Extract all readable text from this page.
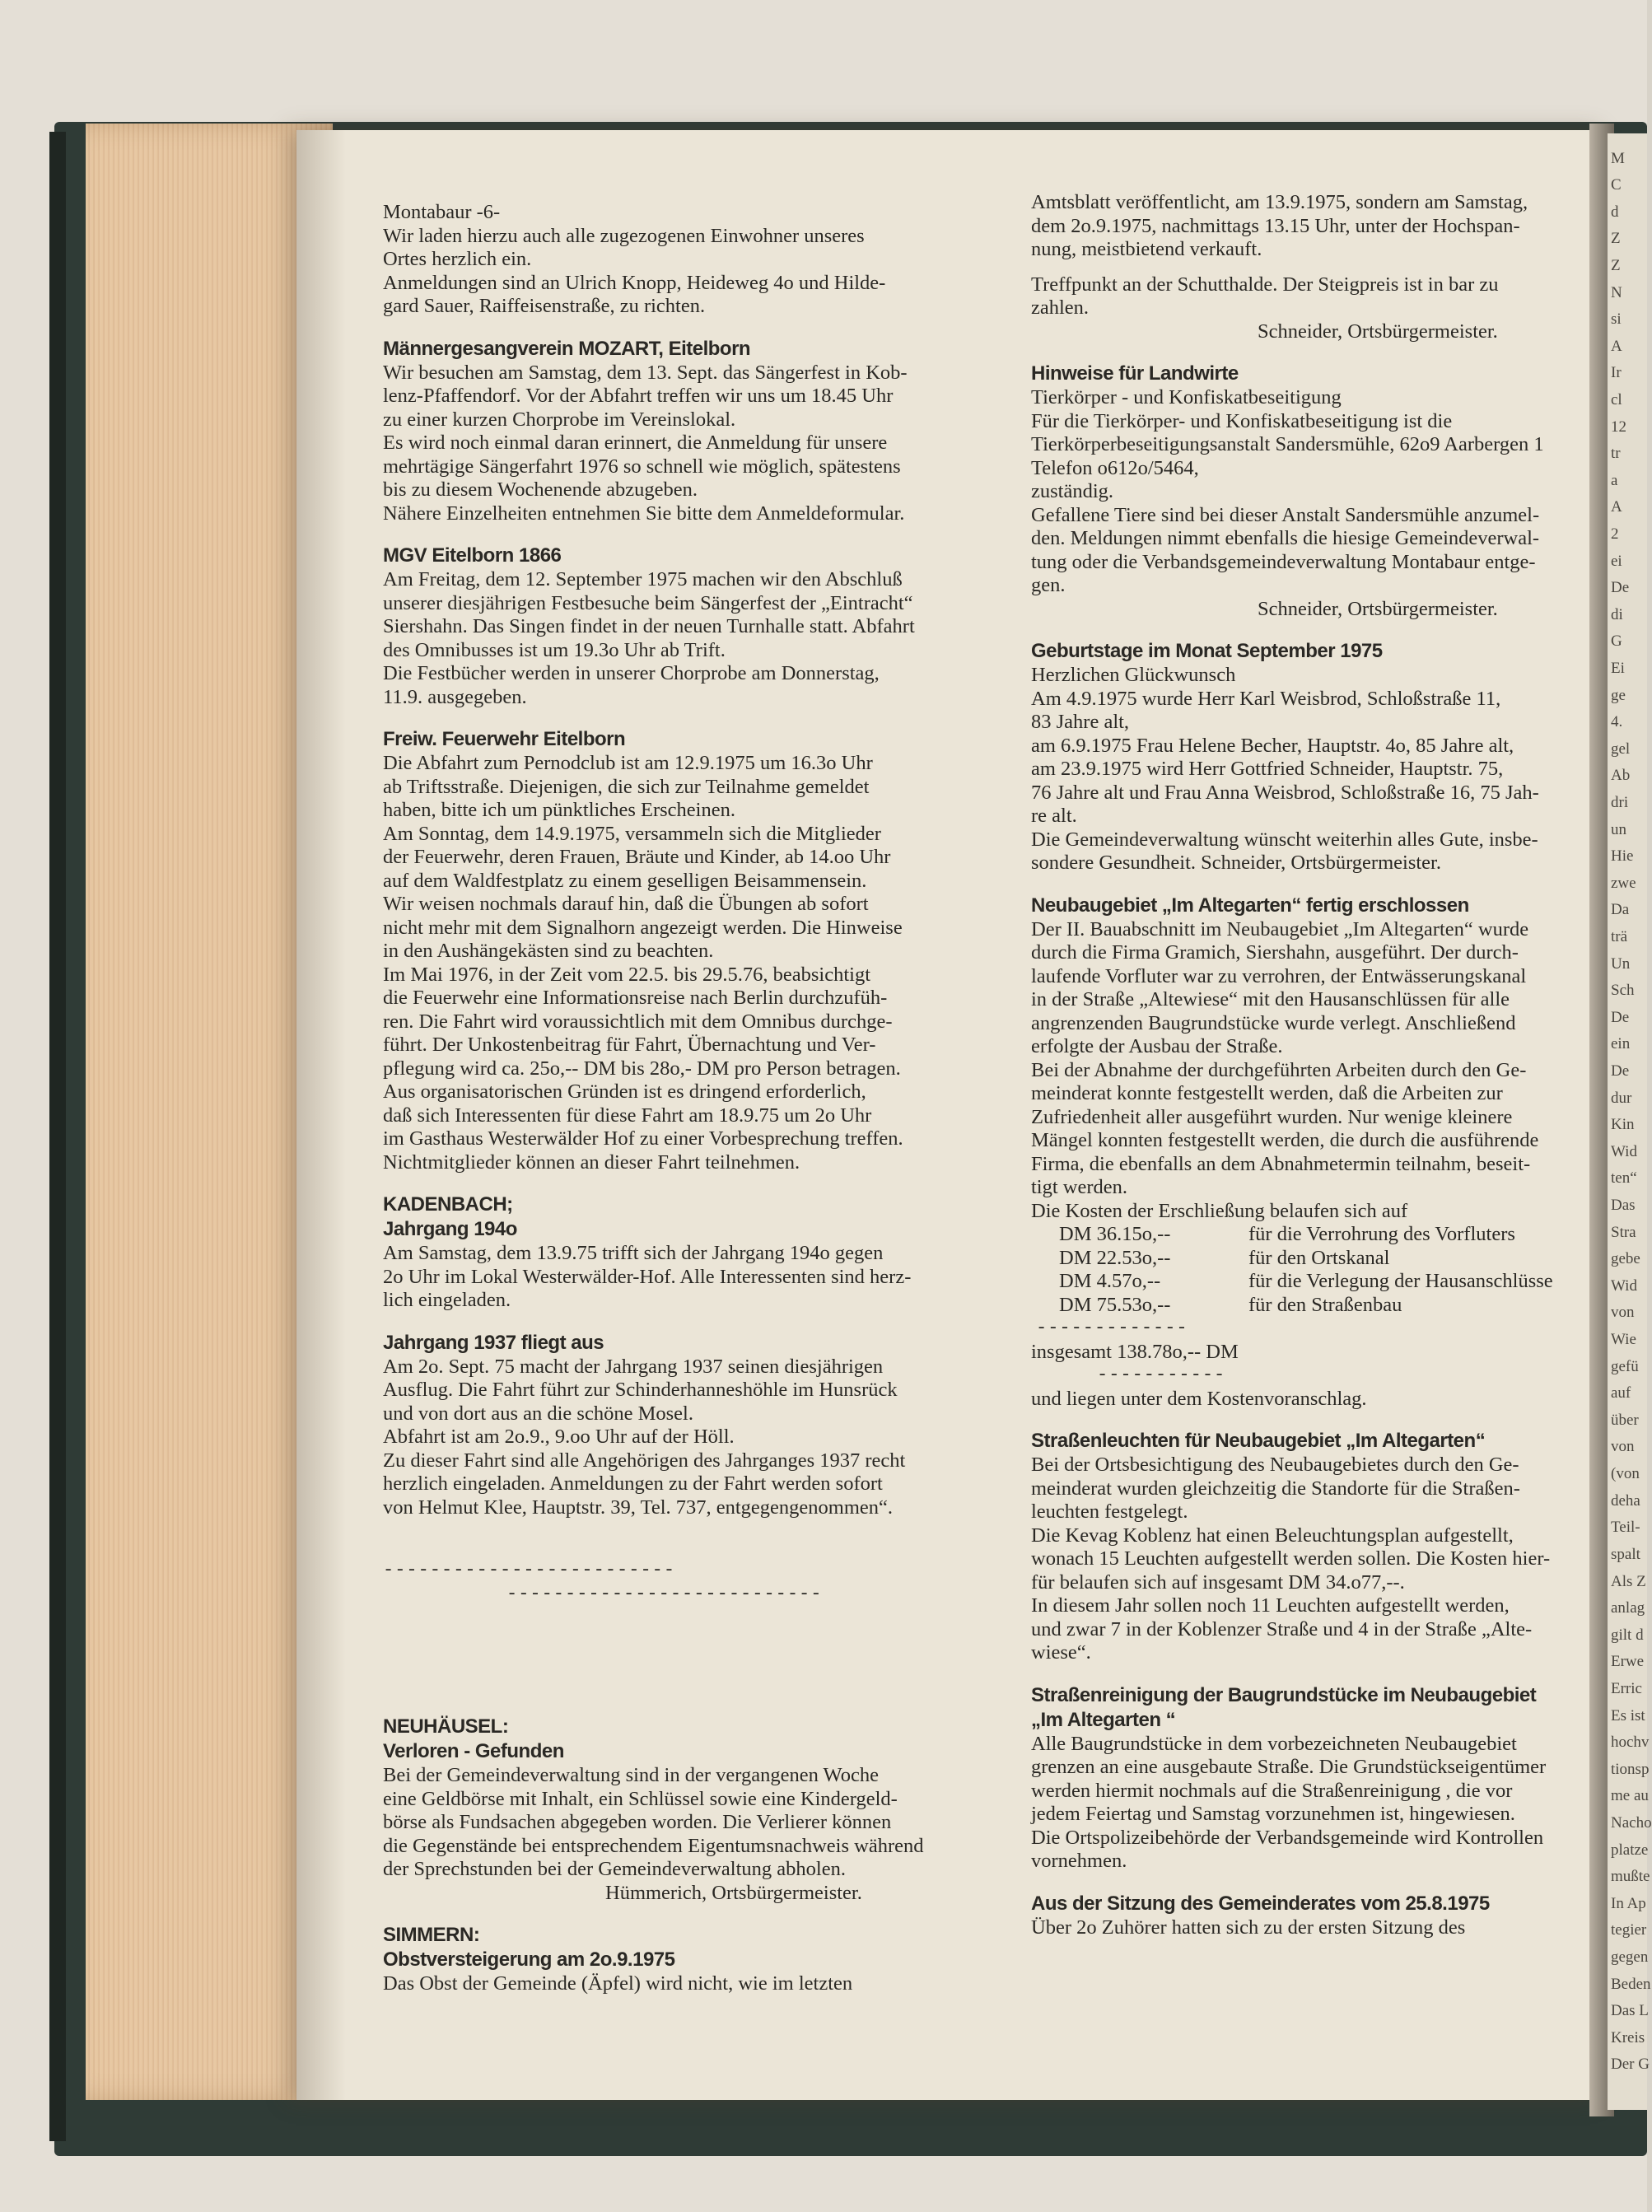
M
C
d
Z
Z
N
si
A
Ir
cl
12
tr
a
A
2
ei
De
di
G
Ei
ge
4.
gel
Ab
dri
un
Hie
zwe
Da
trä
Un
Sch
De
ein
De
dur
Kin
Wid
ten“
Das
Stra
gebe
Wid
von
Wie
gefü
auf
über
von
(von
deha
Teil-
spalt
Als Z
anlag
gilt d
Erwe
Erric
Es ist
hochv
tionsp
me au
Nacho
platze
mußte
In Ap
tegier
gegen
Beden
Das L
Kreis
Der G
Montabaur -6-
Wir laden hierzu auch alle zugezogenen Einwohner unseres
Ortes herzlich ein.
Anmeldungen sind an Ulrich Knopp, Heideweg 4o und Hilde-
gard Sauer, Raiffeisenstraße, zu richten.
Männergesangverein MOZART, Eitelborn
Wir besuchen am Samstag, dem 13. Sept. das Sängerfest in Kob-
lenz-Pfaffendorf. Vor der Abfahrt treffen wir uns um 18.45 Uhr
zu einer kurzen Chorprobe im Vereinslokal.
Es wird noch einmal daran erinnert, die Anmeldung für unsere
mehrtägige Sängerfahrt 1976 so schnell wie möglich, spätestens
bis zu diesem Wochenende abzugeben.
Nähere Einzelheiten entnehmen Sie bitte dem Anmeldeformular.
MGV Eitelborn 1866
Am Freitag, dem 12. September 1975 machen wir den Abschluß
unserer diesjährigen Festbesuche beim Sängerfest der „Eintracht“
Siershahn. Das Singen findet in der neuen Turnhalle statt. Abfahrt
des Omnibusses ist um 19.3o Uhr ab Trift.
Die Festbücher werden in unserer Chorprobe am Donnerstag,
11.9. ausgegeben.
Freiw. Feuerwehr Eitelborn
Die Abfahrt zum Pernodclub ist am 12.9.1975 um 16.3o Uhr
ab Triftsstraße. Diejenigen, die sich zur Teilnahme gemeldet
haben, bitte ich um pünktliches Erscheinen.
Am Sonntag, dem 14.9.1975, versammeln sich die Mitglieder
der Feuerwehr, deren Frauen, Bräute und Kinder, ab 14.oo Uhr
auf dem Waldfestplatz zu einem geselligen Beisammensein.
Wir weisen nochmals darauf hin, daß die Übungen ab sofort
nicht mehr mit dem Signalhorn angezeigt werden. Die Hinweise
in den Aushängekästen sind zu beachten.
Im Mai 1976, in der Zeit vom 22.5. bis 29.5.76, beabsichtigt
die Feuerwehr eine Informationsreise nach Berlin durchzufüh-
ren. Die Fahrt wird voraussichtlich mit dem Omnibus durchge-
führt. Der Unkostenbeitrag für Fahrt, Übernachtung und Ver-
pflegung wird ca. 25o,-- DM bis 28o,- DM pro Person betragen.
Aus organisatorischen Gründen ist es dringend erforderlich,
daß sich Interessenten für diese Fahrt am 18.9.75 um 2o Uhr
im Gasthaus Westerwälder Hof zu einer Vorbesprechung treffen.
Nichtmitglieder können an dieser Fahrt teilnehmen.
KADENBACH;
Jahrgang 194o
Am Samstag, dem 13.9.75 trifft sich der Jahrgang 194o gegen
2o Uhr im Lokal Westerwälder-Hof. Alle Interessenten sind herz-
lich eingeladen.
Jahrgang 1937 fliegt aus
Am 2o. Sept. 75 macht der Jahrgang 1937 seinen diesjährigen
Ausflug. Die Fahrt führt zur Schinderhanneshöhle im Hunsrück
und von dort aus an die schöne Mosel.
Abfahrt ist am 2o.9., 9.oo Uhr auf der Höll.
Zu dieser Fahrt sind alle Angehörigen des Jahrganges 1937 recht
herzlich eingeladen. Anmeldungen zu der Fahrt werden sofort
von Helmut Klee, Hauptstr. 39, Tel. 737, entgegengenommen“.
-------------------------
---------------------------
NEUHÄUSEL:
Verloren - Gefunden
Bei der Gemeindeverwaltung sind in der vergangenen Woche
eine Geldbörse mit Inhalt, ein Schlüssel sowie eine Kindergeld-
börse als Fundsachen abgegeben worden. Die Verlierer können
die Gegenstände bei entsprechendem Eigentumsnachweis während
der Sprechstunden bei der Gemeindeverwaltung abholen.
Hümmerich, Ortsbürgermeister.
SIMMERN:
Obstversteigerung am 2o.9.1975
Das Obst der Gemeinde (Äpfel) wird nicht, wie im letzten
Amtsblatt veröffentlicht, am 13.9.1975, sondern am Samstag,
dem 2o.9.1975, nachmittags 13.15 Uhr, unter der Hochspan-
nung, meistbietend verkauft.
Treffpunkt an der Schutthalde. Der Steigpreis ist in bar zu
zahlen.
Schneider, Ortsbürgermeister.
Hinweise für Landwirte
Tierkörper - und Konfiskatbeseitigung
Für die Tierkörper- und Konfiskatbeseitigung ist die
Tierkörperbeseitigungsanstalt Sandersmühle, 62o9 Aarbergen 1
Telefon o612o/5464,
zuständig.
Gefallene Tiere sind bei dieser Anstalt Sandersmühle anzumel-
den. Meldungen nimmt ebenfalls die hiesige Gemeindeverwal-
tung oder die Verbandsgemeindeverwaltung Montabaur entge-
gen.
Schneider, Ortsbürgermeister.
Geburtstage im Monat September 1975
Herzlichen Glückwunsch
Am 4.9.1975 wurde Herr Karl Weisbrod, Schloßstraße 11,
83 Jahre alt,
am 6.9.1975 Frau Helene Becher, Hauptstr. 4o, 85 Jahre alt,
am 23.9.1975 wird Herr Gottfried Schneider, Hauptstr. 75,
76 Jahre alt und Frau Anna Weisbrod, Schloßstraße 16, 75 Jah-
re alt.
Die Gemeindeverwaltung wünscht weiterhin alles Gute, insbe-
sondere Gesundheit. Schneider, Ortsbürgermeister.
Neubaugebiet „Im Altegarten“ fertig erschlossen
Der II. Bauabschnitt im Neubaugebiet „Im Altegarten“ wurde
durch die Firma Gramich, Siershahn, ausgeführt. Der durch-
laufende Vorfluter war zu verrohren, der Entwässerungskanal
in der Straße „Altewiese“ mit den Hausanschlüssen für alle
angrenzenden Baugrundstücke wurde verlegt. Anschließend
erfolgte der Ausbau der Straße.
Bei der Abnahme der durchgeführten Arbeiten durch den Ge-
meinderat konnte festgestellt werden, daß die Arbeiten zur
Zufriedenheit aller ausgeführt wurden. Nur wenige kleinere
Mängel konnten festgestellt werden, die durch die ausführende
Firma, die ebenfalls an dem Abnahmetermin teilnahm, beseit-
tigt werden.
Die Kosten der Erschließung belaufen sich auf
DM 36.15o,--	für die Verrohrung des Vorfluters
DM 22.53o,--	für den Ortskanal
DM 4.57o,--	für die Verlegung der Hausanschlüsse
DM 75.53o,--	für den Straßenbau
-------------
insgesamt 138.78o,-- DM
-----------
und liegen unter dem Kostenvoranschlag.
Straßenleuchten für Neubaugebiet „Im Altegarten“
Bei der Ortsbesichtigung des Neubaugebietes durch den Ge-
meinderat wurden gleichzeitig die Standorte für die Straßen-
leuchten festgelegt.
Die Kevag Koblenz hat einen Beleuchtungsplan aufgestellt,
wonach 15 Leuchten aufgestellt werden sollen. Die Kosten hier-
für belaufen sich auf insgesamt DM 34.o77,--.
In diesem Jahr sollen noch 11 Leuchten aufgestellt werden,
und zwar 7 in der Koblenzer Straße und 4 in der Straße „Alte-
wiese“.
Straßenreinigung der Baugrundstücke im Neubaugebiet
„Im Altegarten “
Alle Baugrundstücke in dem vorbezeichneten Neubaugebiet
grenzen an eine ausgebaute Straße. Die Grundstückseigentümer
werden hiermit nochmals auf die Straßenreinigung , die vor
jedem Feiertag und Samstag vorzunehmen ist, hingewiesen.
Die Ortspolizeibehörde der Verbandsgemeinde wird Kontrollen
vornehmen.
Aus der Sitzung des Gemeinderates vom 25.8.1975
Über 2o Zuhörer hatten sich zu der ersten Sitzung des
